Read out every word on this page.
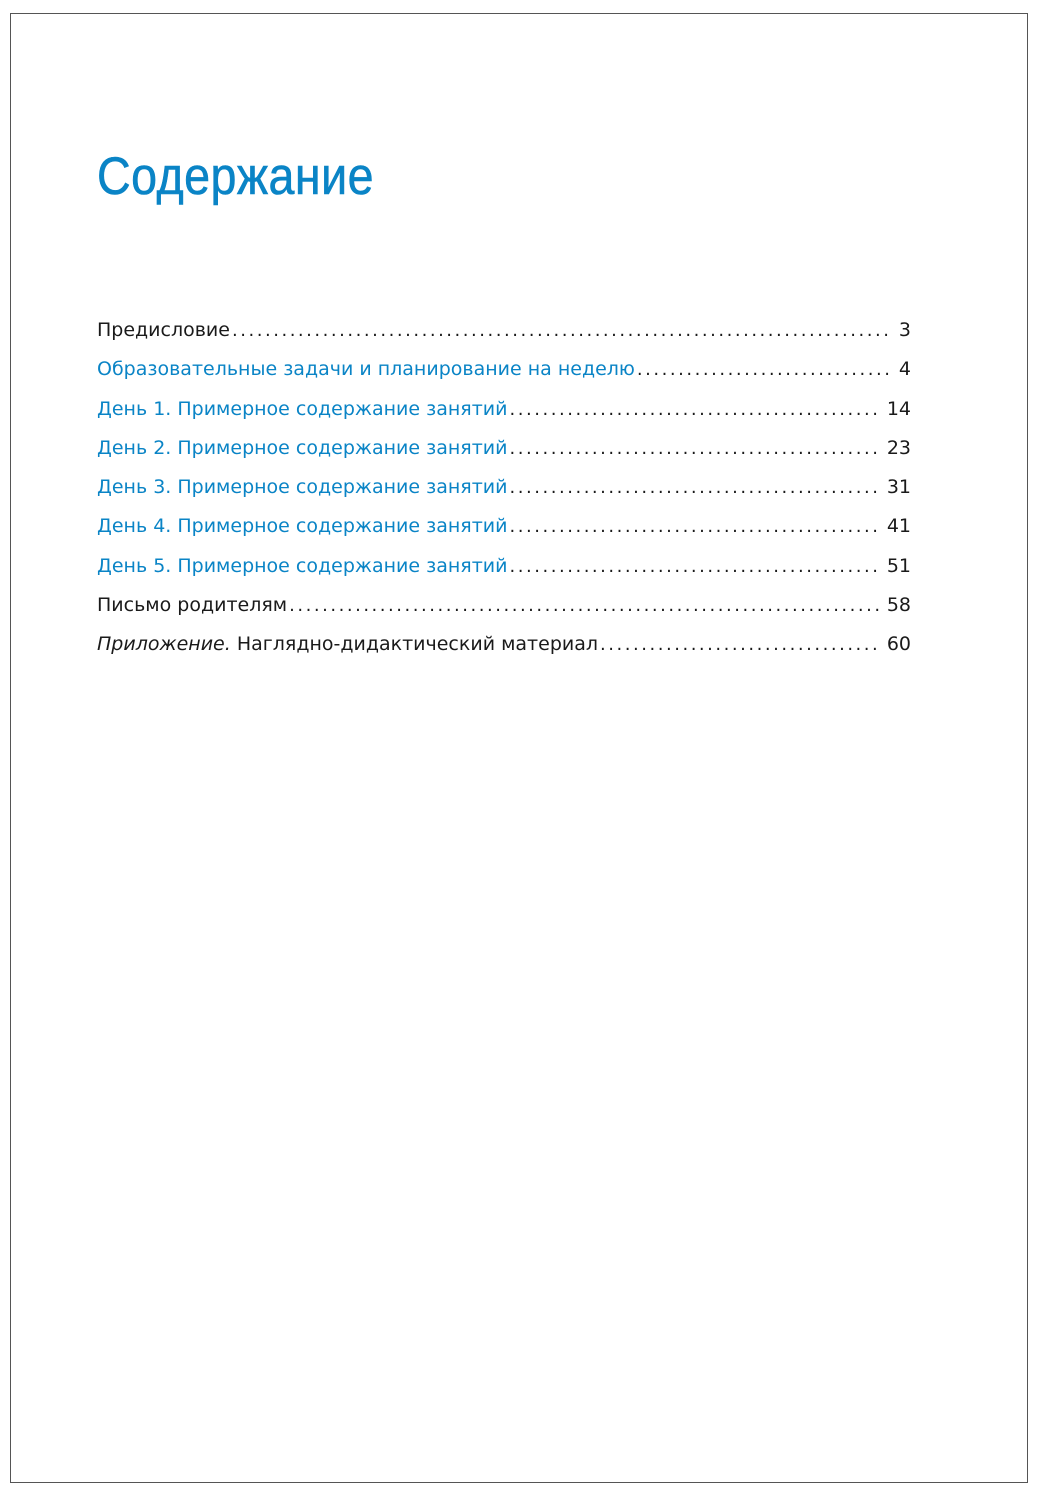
Содержание
Предисловие . . .	3
Образовательные задачи и планирование на неделю . . .	4
День 1. Примерное содержание занятий . . .	14
День 2. Примерное содержание занятий . . .	23
День 3. Примерное содержание занятий . . .	31
День 4. Примерное содержание занятий . . .	41
День 5. Примерное содержание занятий . . .	51
Письмо родителям . . .	58
Приложение. Наглядно-дидактический материал . . .	60
